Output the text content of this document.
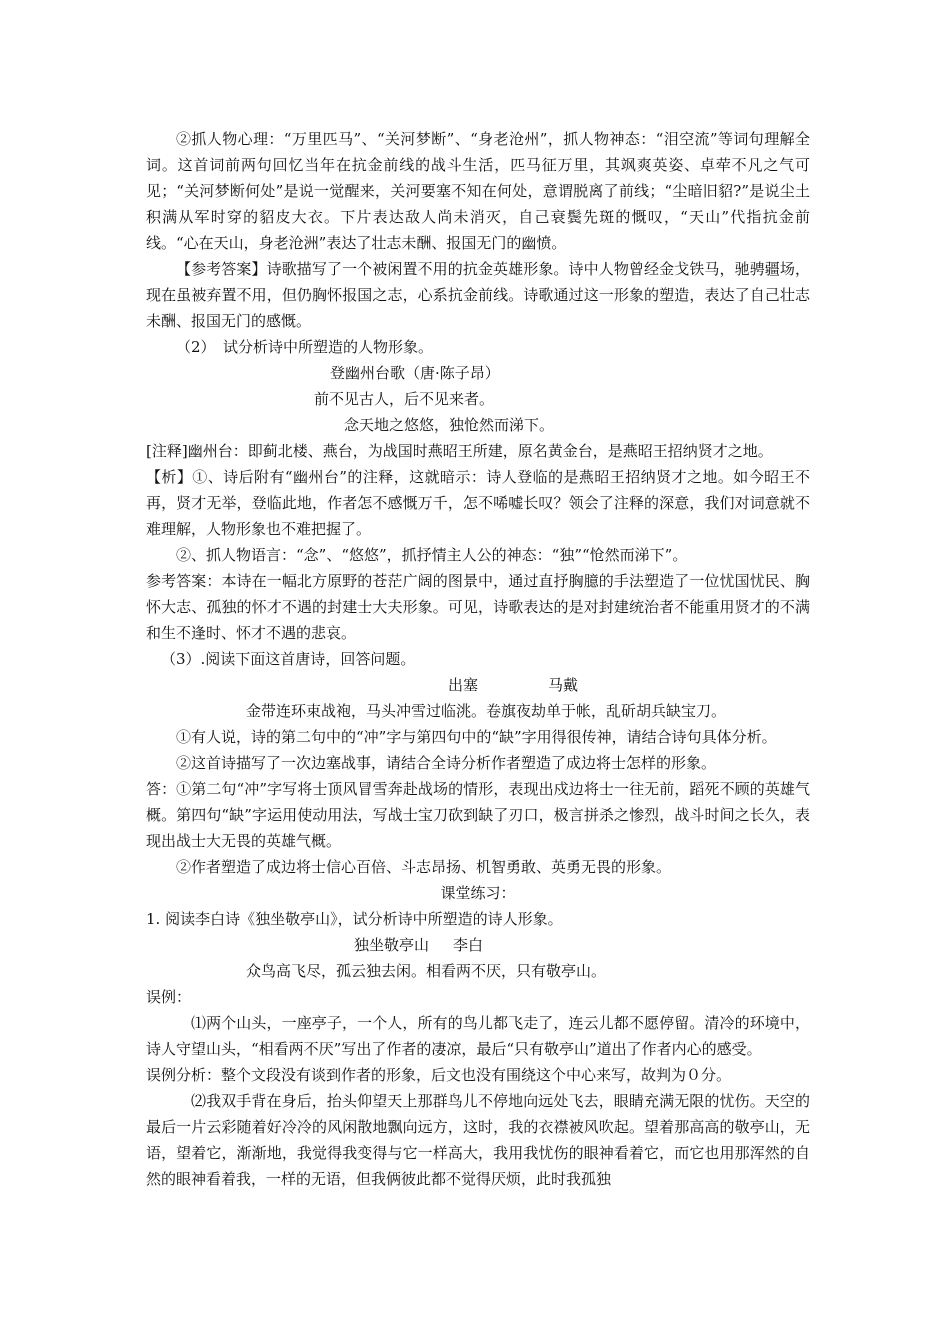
②抓人物心理：“万里匹马”、“关河梦断”、“身老沧州”，抓人物神态：“泪空流”等词句理解全词。这首词前两句回忆当年在抗金前线的战斗生活，匹马征万里，其飒爽英姿、卓荦不凡之气可见；“关河梦断何处”是说一觉醒来，关河要塞不知在何处，意谓脱离了前线；“尘暗旧貂?”是说尘土积满从军时穿的貂皮大衣。下片表达敌人尚未消灭，自己衰鬓先斑的慨叹，“天山”代指抗金前线。“心在天山，身老沧洲”表达了壮志未酬、报国无门的幽愤。

【参考答案】诗歌描写了一个被闲置不用的抗金英雄形象。诗中人物曾经金戈铁马，驰骋疆场，现在虽被弃置不用，但仍胸怀报国之志，心系抗金前线。诗歌通过这一形象的塑造，表达了自己壮志未酬、报国无门的感慨。

（2）　试分析诗中所塑造的人物形象。

登幽州台歌（唐·陈子昂）

前不见古人，后不见来者。

念天地之悠悠，独怆然而涕下。

[注释]幽州台：即蓟北楼、燕台，为战国时燕昭王所建，原名黄金台，是燕昭王招纳贤才之地。

【析】①、诗后附有“幽州台”的注释，这就暗示：诗人登临的是燕昭王招纳贤才之地。如今昭王不再，贤才无举，登临此地，作者怎不感慨万千，怎不唏嘘长叹？领会了注释的深意，我们对词意就不难理解，人物形象也不难把握了。

②、抓人物语言：“念”、“悠悠”，抓抒情主人公的神态：“独”“怆然而涕下”。

参考答案：本诗在一幅北方原野的苍茫广阔的图景中，通过直抒胸臆的手法塑造了一位忧国忧民、胸怀大志、孤独的怀才不遇的封建士大夫形象。可见，诗歌表达的是对封建统治者不能重用贤才的不满和生不逢时、怀才不遇的悲哀。

（3）.阅读下面这首唐诗，回答问题。

出塞	马戴

金带连环束战袍，马头冲雪过临洮。卷旗夜劫单于帐，乱斫胡兵缺宝刀。

①有人说，诗的第二句中的“冲”字与第四句中的“缺”字用得很传神，请结合诗句具体分析。

②这首诗描写了一次边塞战事，请结合全诗分析作者塑造了成边将士怎样的形象。

答：①第二句“冲”字写将士顶风冒雪奔赴战场的情形，表现出戍边将士一往无前，蹈死不顾的英雄气概。第四句“缺”字运用使动用法，写战士宝刀砍到缺了刃口，极言拼杀之惨烈，战斗时间之长久，表现出战士大无畏的英雄气概。

②作者塑造了成边将士信心百倍、斗志昂扬、机智勇敢、英勇无畏的形象。

课堂练习：

1. 阅读李白诗《独坐敬亭山》，试分析诗中所塑造的诗人形象。

独坐敬亭山 李白

众鸟高飞尽，孤云独去闲。相看两不厌，只有敬亭山。

误例：

⑴两个山头，一座亭子，一个人，所有的鸟儿都飞走了，连云儿都不愿停留。清冷的环境中，诗人守望山头，“相看两不厌”写出了作者的凄凉，最后“只有敬亭山”道出了作者内心的感受。

误例分析：整个文段没有谈到作者的形象，后文也没有围绕这个中心来写，故判为０分。

⑵我双手背在身后，抬头仰望天上那群鸟儿不停地向远处飞去，眼睛充满无限的忧伤。天空的最后一片云彩随着好冷冷的风闲散地飘向远方，这时，我的衣襟被风吹起。望着那高高的敬亭山，无语，望着它，渐渐地，我觉得我变得与它一样高大，我用我忧伤的眼神看着它，而它也用那浑然的自然的眼神看着我，一样的无语，但我俩彼此都不觉得厌烦，此时我孤独
